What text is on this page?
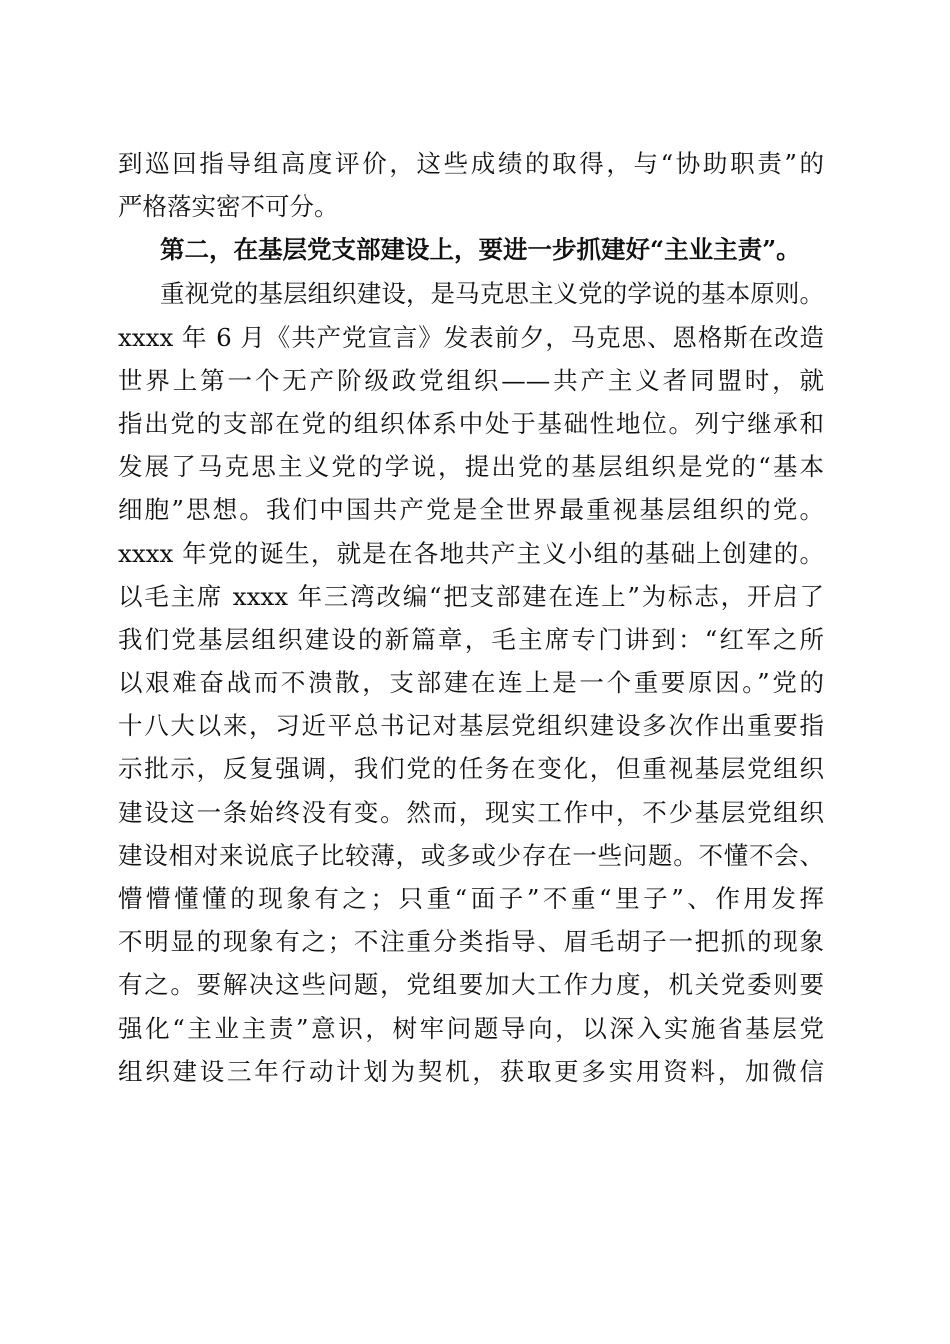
到巡回指导组高度评价，这些成绩的取得，与“协助职责”的
严格落实密不可分。
第二，在基层党支部建设上，要进一步抓建好“主业主责”。
重视党的基层组织建设，是马克思主义党的学说的基本原则。
xxxx 年 6 月《共产党宣言》发表前夕，马克思、恩格斯在改造
世界上第一个无产阶级政党组织——共产主义者同盟时，就
指出党的支部在党的组织体系中处于基础性地位。列宁继承和
发展了马克思主义党的学说，提出党的基层组织是党的“基本
细胞”思想。我们中国共产党是全世界最重视基层组织的党。
xxxx 年党的诞生，就是在各地共产主义小组的基础上创建的。
以毛主席 xxxx 年三湾改编“把支部建在连上”为标志，开启了
我们党基层组织建设的新篇章，毛主席专门讲到：“红军之所
以艰难奋战而不溃散，支部建在连上是一个重要原因。”党的
十八大以来，习近平总书记对基层党组织建设多次作出重要指
示批示，反复强调，我们党的任务在变化，但重视基层党组织
建设这一条始终没有变。然而，现实工作中，不少基层党组织
建设相对来说底子比较薄，或多或少存在一些问题。不懂不会、
懵懵懂懂的现象有之；只重“面子”不重“里子”、作用发挥
不明显的现象有之；不注重分类指导、眉毛胡子一把抓的现象
有之。要解决这些问题，党组要加大工作力度，机关党委则要
强化“主业主责”意识，树牢问题导向，以深入实施省基层党
组织建设三年行动计划为契机，获取更多实用资料，加微信
